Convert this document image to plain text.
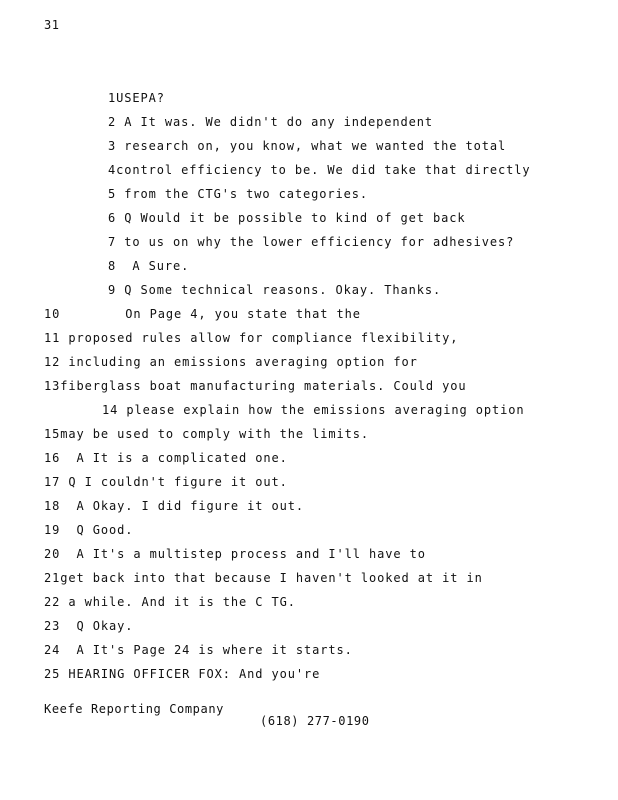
31
1USEPA?
2 A It was. We didn't do any independent
3 research on, you know, what we wanted the total
4control efficiency to be. We did take that directly
5 from the CTG's two categories.
6 Q Would it be possible to kind of get back
7 to us on why the lower efficiency for adhesives?
8 A Sure.
9 Q Some technical reasons. Okay. Thanks.
10	On Page 4, you state that the
11 proposed rules allow for compliance flexibility,
12 including an emissions averaging option for
13fiberglass boat manufacturing materials. Could you
14 please explain how the emissions averaging option
15may be used to comply with the limits.
16 A It is a complicated one.
17 Q I couldn't figure it out.
18 A Okay. I did figure it out.
19 Q Good.
20 A It's a multistep process and I'll have to
21get back into that because I haven't looked at it in
22 a while. And it is the C TG.
23 Q Okay.
24 A It's Page 24 is where it starts.
25 HEARING OFFICER FOX: And you're
Keefe Reporting Company
(618) 277-0190
